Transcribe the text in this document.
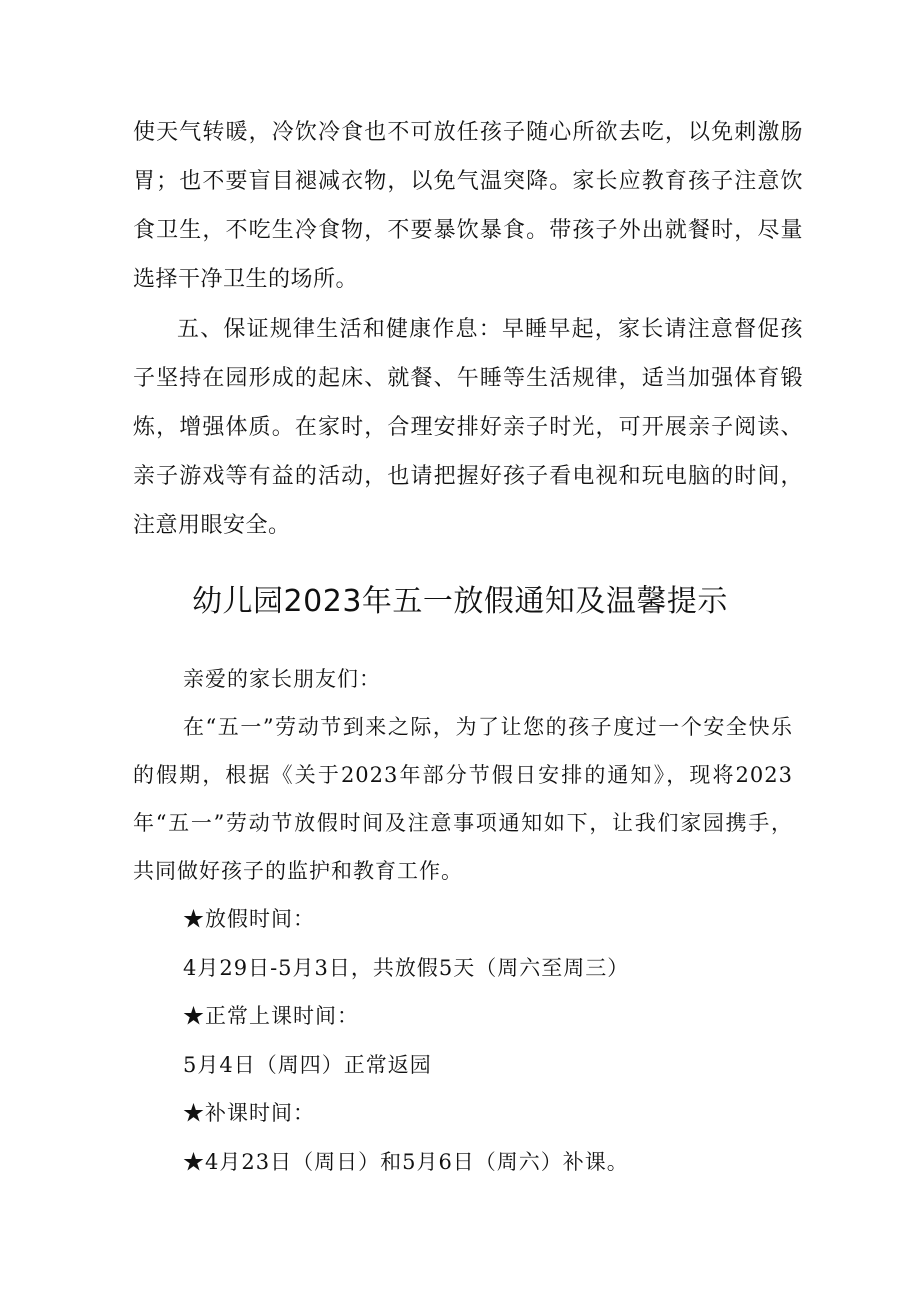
使天气转暖，冷饮冷食也不可放任孩子随心所欲去吃，以免刺激肠胃；也不要盲目褪减衣物，以免气温突降。家长应教育孩子注意饮食卫生，不吃生冷食物，不要暴饮暴食。带孩子外出就餐时，尽量选择干净卫生的场所。

五、保证规律生活和健康作息：早睡早起，家长请注意督促孩子坚持在园形成的起床、就餐、午睡等生活规律，适当加强体育锻炼，增强体质。在家时，合理安排好亲子时光，可开展亲子阅读、亲子游戏等有益的活动，也请把握好孩子看电视和玩电脑的时间，注意用眼安全。

幼儿园2023年五一放假通知及温馨提示

亲爱的家长朋友们：

在“五一”劳动节到来之际，为了让您的孩子度过一个安全快乐的假期，根据《关于2023年部分节假日安排的通知》，现将2023年“五一”劳动节放假时间及注意事项通知如下，让我们家园携手，共同做好孩子的监护和教育工作。

★放假时间：

4月29日-5月3日，共放假5天（周六至周三）

★正常上课时间：

5月4日（周四）正常返园

★补课时间：

★4月23日（周日）和5月6日（周六）补课。
